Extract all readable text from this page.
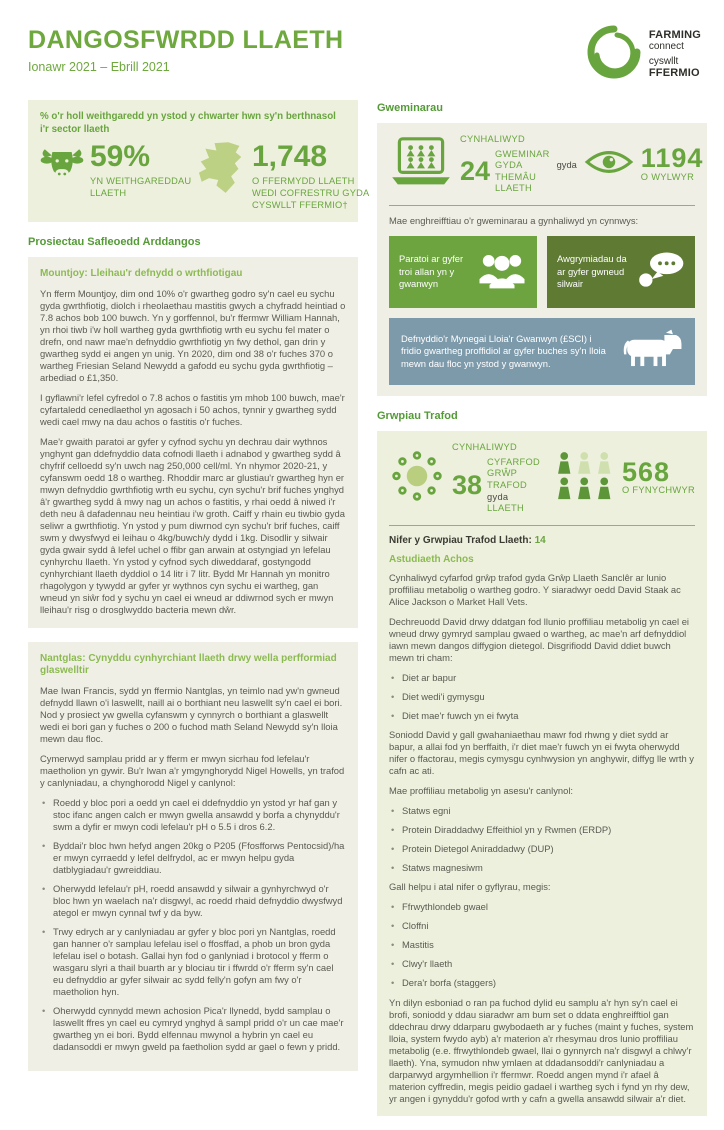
DANGOSFWRDD LLAETH
Ionawr 2021 – Ebrill 2021
FARMING
connect
cyswllt
FFERMIO
% o'r holl weithgaredd yn ystod y chwarter hwn sy'n berthnasol i'r sector llaeth
59%
YN WEITHGAREDDAU LLAETH
1,748
O FFERMYDD LLAETH WEDI COFRESTRU GYDA CYSWLLT FFERMIO†
Prosiectau Safleoedd Arddangos
Mountjoy: Lleihau'r defnydd o wrthfiotigau

Yn fferm Mountjoy, dim ond 10% o'r gwartheg godro sy'n cael eu sychu gyda gwrthfiotig, diolch i rheolaethau mastitis gwych a chyfradd heintiad o 7.8 achos bob 100 buwch. Yn y gorffennol, bu'r ffermwr William Hannah, yn rhoi tiwb i'w holl wartheg gyda gwrthfiotig wrth eu sychu fel mater o drefn, ond nawr mae'n defnyddio gwrthfiotig yn fwy dethol, gan drin y gwartheg sydd ei angen yn unig. Yn 2020, dim ond 38 o'r fuches 370 o wartheg Friesian Seland Newydd a gafodd eu sychu gyda gwrthfiotig – arbediad o £1,350.

I gyflawni'r lefel cyfredol o 7.8 achos o fastitis ym mhob 100 buwch, mae'r cyfartaledd cenedlaethol yn agosach i 50 achos, tynnir y gwartheg sydd wedi cael mwy na dau achos o fastitis o'r fuches.

Mae'r gwaith paratoi ar gyfer y cyfnod sychu yn dechrau dair wythnos ynghynt gan ddefnyddio data cofnodi llaeth i adnabod y gwartheg sydd â chyfrif celloedd sy'n uwch nag 250,000 cell/ml. Yn nhymor 2020-21, y cyfanswm oedd 18 o wartheg. Rhoddir marc ar glustiau'r gwartheg hyn er mwyn defnyddio gwrthfiotig wrth eu sychu, cyn sychu'r brif fuches ynghyd â'r gwartheg sydd â mwy nag un achos o fastitis, y rhai oedd â niwed i'r deth neu â dafadennau neu heintiau i'w groth. Caiff y rhain eu tiwbio gyda seliwr a gwrthfiotig. Yn ystod y pum diwrnod cyn sychu'r brif fuches, caiff swm y dwysfwyd ei leihau o 4kg/buwch/y dydd i 1kg. Disodlir y silwair gyda gwair sydd â lefel uchel o ffibr gan arwain at ostyngiad yn lefelau cynhyrchu llaeth. Yn ystod y cyfnod sych diweddaraf, gostyngodd cynhyrchiant llaeth dyddiol o 14 litr i 7 litr. Bydd Mr Hannah yn monitro rhagolygon y tywydd ar gyfer yr wythnos cyn sychu ei wartheg, gan wneud yn siŵr fod y sychu yn cael ei wneud ar ddiwrnod sych er mwyn lleihau'r risg o drosglwyddo bacteria mewn dŵr.

Nantglas: Cynyddu cynhyrchiant llaeth drwy wella perfformiad glaswelltir

Mae Iwan Francis, sydd yn ffermio Nantglas, yn teimlo nad yw'n gwneud defnydd llawn o'i laswellt, naill ai o borthiant neu laswellt sy'n cael ei bori. Nod y prosiect yw gwella cyfanswm y cynnyrch o borthiant a glaswellt wedi ei bori gan y fuches o 200 o fuchod math Seland Newydd sy'n lloia mewn dau floc.

Cymerwyd samplau pridd ar y fferm er mwyn sicrhau fod lefelau'r maetholion yn gywir. Bu'r Iwan a'r ymgynghorydd Nigel Howells, yn trafod y canlyniadau, a chynghorodd Nigel y canlynol:

• Roedd y bloc pori a oedd yn cael ei ddefnyddio yn ystod yr haf gan y stoc ifanc angen calch er mwyn gwella ansawdd y borfa a chynyddu'r swm a dyfir er mwyn codi lefelau'r pH o 5.5 i dros 6.2.
• Byddai'r bloc hwn hefyd angen 20kg o P205 (Ffosfforws Pentocsid)/ha er mwyn cyrraedd y lefel delfrydol, ac er mwyn helpu gyda datblygiadau'r gwreiddiau.
• Oherwydd lefelau'r pH, roedd ansawdd y silwair a gynhyrchwyd o'r bloc hwn yn waelach na'r disgwyl, ac roedd rhaid defnyddio dwysfwyd ategol er mwyn cynnal twf y da byw.
• Trwy edrych ar y canlyniadau ar gyfer y bloc pori yn Nantglas, roedd gan hanner o'r samplau lefelau isel o ffosffad, a phob un bron gyda lefelau isel o botash. Gallai hyn fod o ganlyniad i brotocol y fferm o wasgaru slyri a thail buarth ar y blociau tir i ffwrdd o'r fferm sy'n cael eu defnyddio ar gyfer silwair ac sydd felly'n gofyn am fwy o'r maetholion hyn.
• Oherwydd cynnydd mewn achosion Pica'r llynedd, bydd samplau o laswellt ffres yn cael eu cymryd ynghyd â sampl pridd o'r un cae mae'r gwartheg yn ei bori. Bydd elfennau mwynol a hybrin yn cael eu dadansoddi er mwyn gweld pa faetholion sydd ar gael o fewn y pridd.
Gweminarau
CYNHALIWYD
24
GWEMINAR
GYDA THEMÂU
LLAETH
gyda 1194
O WYLWYR

Mae enghreifftiau o'r gweminarau a gynhaliwyd yn cynnwys:

Paratoi ar gyfer troi allan yn y gwanwyn
Awgrymiadau da ar gyfer gwneud silwair
Defnyddio'r Mynegai Lloia'r Gwanwyn (£SCI) i fridio gwartheg proffidiol ar gyfer buches sy'n lloia mewn dau floc yn ystod y gwanwyn.
Grwpiau Trafod
CYNHALIWYD
38
CYFARFOD
GRŴP TRAFOD gyda
LLAETH
568
O FYNYCHWYR
Nifer y Grwpiau Trafod Llaeth: 14
Astudiaeth Achos

Cynhaliwyd cyfarfod grŵp trafod gyda Grŵp Llaeth Sanclêr ar lunio proffiliau metabolig o wartheg godro. Y siaradwyr oedd David Staak ac Alice Jackson o Market Hall Vets.

Dechreuodd David drwy ddatgan fod llunio proffiliau metabolig yn cael ei wneud drwy gymryd samplau gwaed o wartheg, ac mae'n arf defnyddiol iawn mewn dangos diffygion dietegol. Disgrifiodd David ddiet buwch mewn tri cham:

• Diet ar bapur
• Diet wedi'i gymysgu
• Diet mae'r fuwch yn ei fwyta

Soniodd David y gall gwahaniaethau mawr fod rhwng y diet sydd ar bapur, a allai fod yn berffaith, i'r diet mae'r fuwch yn ei fwyta oherwydd nifer o ffactorau, megis cymysgu cynhwysion yn anghywir, diffyg lle wrth y cafn ac ati.

Mae proffiliau metabolig yn asesu'r canlynol:

• Statws egni
• Protein Diraddadwy Effeithiol yn y Rwmen (ERDP)
• Protein Dietegol Aniraddadwy (DUP)
• Statws magnesiwm

Gall helpu i atal nifer o gyflyrau, megis:

• Ffrwythlondeb gwael
• Cloffni
• Mastitis
• Clwy'r llaeth
• Dera'r borfa (staggers)

Yn dilyn esboniad o ran pa fuchod dylid eu samplu a'r hyn sy'n cael ei brofi, soniodd y ddau siaradwr am bum set o ddata enghreifftiol gan ddechrau drwy ddarparu gwybodaeth ar y fuches (maint y fuches, system lloia, system fwydo ayb) a'r materion a'r rhesymau dros lunio proffiliau metabolig (e.e. ffrwythlondeb gwael, llai o gynnyrch na'r disgwyl a chlwy'r llaeth). Yna, symudon nhw ymlaen at ddadansoddi'r canlyniadau a darparwyd argymhellion i'r ffermwr. Roedd angen mynd i'r afael â materion cyffredin, megis peidio gadael i wartheg sych i fynd yn rhy dew, yr angen i gynyddu'r gofod wrth y cafn a gwella ansawdd silwair a'r diet.
